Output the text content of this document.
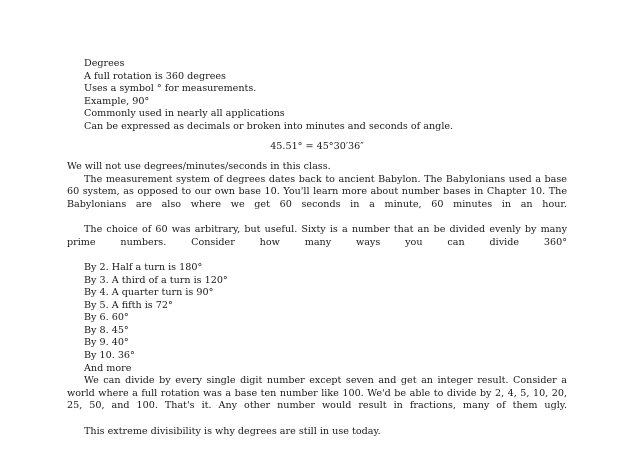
Degrees
A full rotation is 360 degrees
Uses a symbol ° for measurements.
Example, 90°
Commonly used in nearly all applications
Can be expressed as decimals or broken into minutes and seconds of angle.
45.51° = 45°30′36″
We will not use degrees/minutes/seconds in this class.
The measurement system of degrees dates back to ancient Babylon. The Babylonians used a base 60 system, as opposed to our own base 10. You'll learn more about number bases in Chapter 10. The Babylonians are also where we get 60 seconds in a minute, 60 minutes in an hour.
The choice of 60 was arbitrary, but useful. Sixty is a number that an be divided evenly by many prime numbers. Consider how many ways you can divide 360°
By 2. Half a turn is 180°
By 3. A third of a turn is 120°
By 4. A quarter turn is 90°
By 5. A fifth is 72°
By 6. 60°
By 8. 45°
By 9. 40°
By 10. 36°
And more
We can divide by every single digit number except seven and get an integer result. Consider a world where a full rotation was a base ten number like 100. We'd be able to divide by 2, 4, 5, 10, 20, 25, 50, and 100. That's it. Any other number would result in fractions, many of them ugly.
This extreme divisibility is why degrees are still in use today.
